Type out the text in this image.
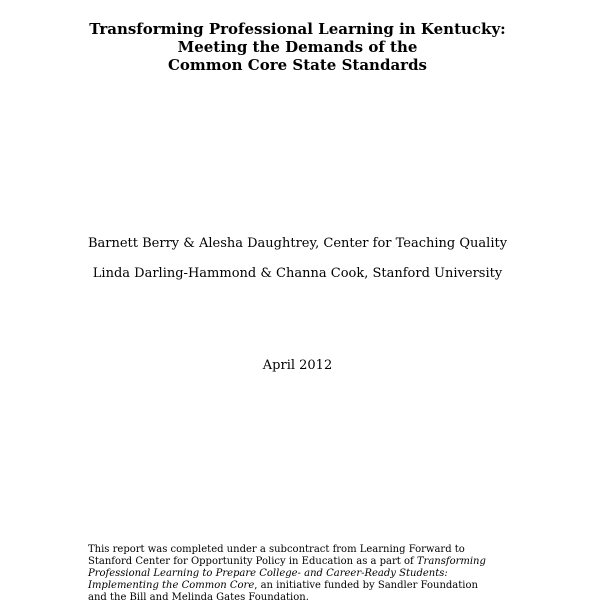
Transforming Professional Learning in Kentucky:
Meeting the Demands of the
Common Core State Standards
Barnett Berry & Alesha Daughtrey, Center for Teaching Quality
Linda Darling-Hammond & Channa Cook, Stanford University
April 2012
This report was completed under a subcontract from Learning Forward to Stanford Center for Opportunity Policy in Education as a part of Transforming Professional Learning to Prepare College- and Career-Ready Students: Implementing the Common Core, an initiative funded by Sandler Foundation and the Bill and Melinda Gates Foundation.
